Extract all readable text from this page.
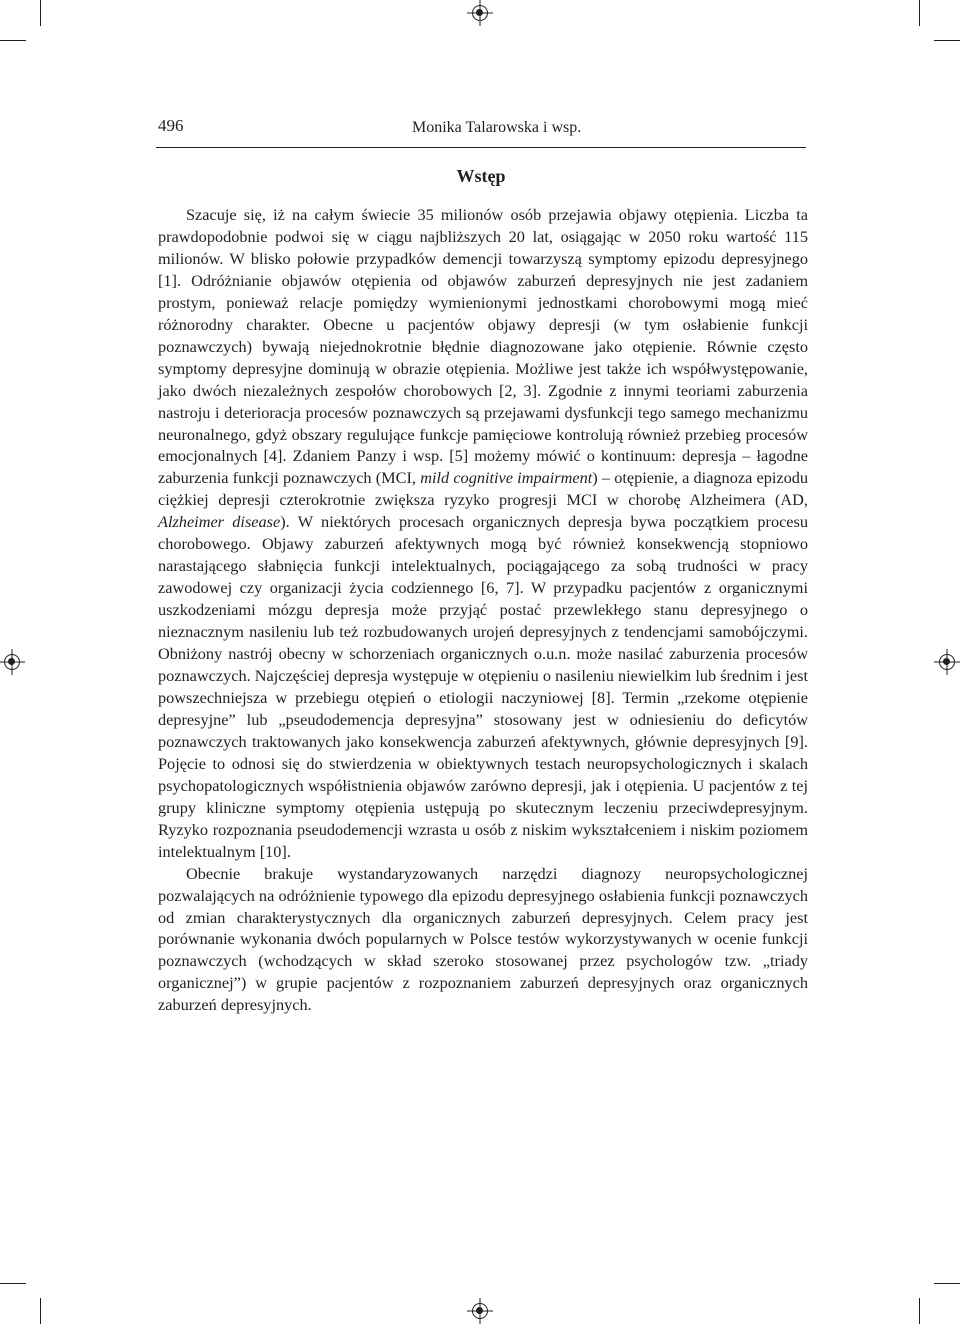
496	Monika Talarowska i wsp.
Wstęp

Szacuje się, iż na całym świecie 35 milionów osób przejawia objawy otępienia. Liczba ta prawdopodobnie podwoi się w ciągu najbliższych 20 lat, osiągając w 2050 roku wartość 115 milionów. W blisko połowie przypadków demencji towarzyszą symptomy epizodu depresyjnego [1]. Odróżnianie objawów otępienia od objawów zaburzeń depresyjnych nie jest zadaniem prostym, ponieważ relacje pomiędzy wymienionymi jednostkami chorobowymi mogą mieć różnorodny charakter. Obecne u pacjentów objawy depresji (w tym osłabienie funkcji poznawczych) bywają niejednokrotnie błędnie diagnozowane jako otępienie. Równie często symptomy depresyjne dominują w obrazie otępienia. Możliwe jest także ich współwystępowanie, jako dwóch niezależnych zespołów chorobowych [2, 3]. Zgodnie z innymi teoriami zaburzenia nastroju i deterioracja procesów poznawczych są przejawami dysfunkcji tego samego mechanizmu neuronalnego, gdyż obszary regulujące funkcje pamięciowe kontrolują również przebieg procesów emocjonalnych [4]. Zdaniem Panzy i wsp. [5] możemy mówić o kontinuum: depresja – łagodne zaburzenia funkcji poznawczych (MCI, mild cognitive impairment) – otępienie, a diagnoza epizodu ciężkiej depresji czterokrotnie zwiększa ryzyko progresji MCI w chorobę Alzheimera (AD, Alzheimer disease). W niektórych procesach organicznych depresja bywa początkiem procesu chorobowego. Objawy zaburzeń afektywnych mogą być również konsekwencją stopniowo narastającego słabnięcia funkcji intelektualnych, pociągającego za sobą trudności w pracy zawodowej czy organizacji życia codziennego [6, 7]. W przypadku pacjentów z organicznymi uszkodzeniami mózgu depresja może przyjąć postać przewlekłego stanu depresyjnego o nieznacznym nasileniu lub też rozbudowanych urojeń depresyjnych z tendencjami samobójczymi. Obniżony nastrój obecny w schorzeniach organicznych o.u.n. może nasilać zaburzenia procesów poznawczych. Najczęściej depresja występuje w otępieniu o nasileniu niewielkim lub średnim i jest powszechniejsza w przebiegu otępień o etiologii naczyniowej [8]. Termin „rzekome otępienie depresyjne” lub „pseudodemencja depresyjna” stosowany jest w odniesieniu do deficytów poznawczych traktowanych jako konsekwencja zaburzeń afektywnych, głównie depresyjnych [9]. Pojęcie to odnosi się do stwierdzenia w obiektywnych testach neuropsychologicznych i skalach psychopatologicznych współistnienia objawów zarówno depresji, jak i otępienia. U pacjentów z tej grupy kliniczne symptomy otępienia ustępują po skutecznym leczeniu przeciwdepresyjnym. Ryzyko rozpoznania pseudodemencji wzrasta u osób z niskim wykształceniem i niskim poziomem intelektualnym [10].

Obecnie brakuje wystandaryzowanych narzędzi diagnozy neuropsychologicznej pozwalających na odróżnienie typowego dla epizodu depresyjnego osłabienia funkcji poznawczych od zmian charakterystycznych dla organicznych zaburzeń depresyjnych. Celem pracy jest porównanie wykonania dwóch popularnych w Polsce testów wykorzystywanych w ocenie funkcji poznawczych (wchodzących w skład szeroko stosowanej przez psychologów tzw. „triady organicznej”) w grupie pacjentów z rozpoznaniem zaburzeń depresyjnych oraz organicznych zaburzeń depresyjnych.
